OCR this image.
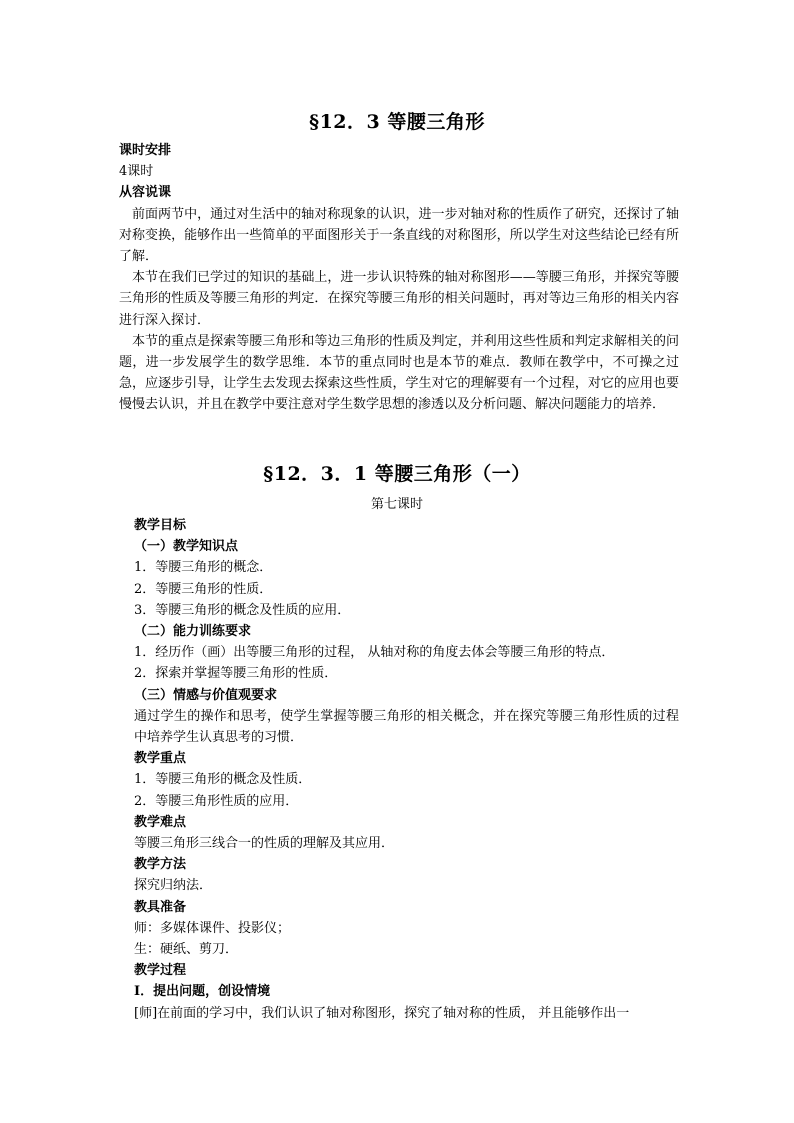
§12．3 等腰三角形
课时安排
4课时
从容说课
前面两节中，通过对生活中的轴对称现象的认识，进一步对轴对称的性质作了研究，还探讨了轴对称变换，能够作出一些简单的平面图形关于一条直线的对称图形，所以学生对这些结论已经有所了解．
本节在我们已学过的知识的基础上，进一步认识特殊的轴对称图形——等腰三角形，并探究等腰三角形的性质及等腰三角形的判定．在探究等腰三角形的相关问题时，再对等边三角形的相关内容进行深入探讨．
本节的重点是探索等腰三角形和等边三角形的性质及判定，并利用这些性质和判定求解相关的问题，进一步发展学生的数学思维．本节的重点同时也是本节的难点．教师在教学中，不可操之过急，应逐步引导，让学生去发现去探索这些性质，学生对它的理解要有一个过程，对它的应用也要慢慢去认识，并且在教学中要注意对学生数学思想的渗透以及分析问题、解决问题能力的培养．
§12．3．1 等腰三角形（一）
第七课时
教学目标
（一）教学知识点
1．等腰三角形的概念．
2．等腰三角形的性质．
3．等腰三角形的概念及性质的应用．
（二）能力训练要求
1．经历作（画）出等腰三角形的过程， 从轴对称的角度去体会等腰三角形的特点．
2．探索并掌握等腰三角形的性质．
（三）情感与价值观要求
通过学生的操作和思考，使学生掌握等腰三角形的相关概念，并在探究等腰三角形性质的过程中培养学生认真思考的习惯．
教学重点
1．等腰三角形的概念及性质．
2．等腰三角形性质的应用．
教学难点
等腰三角形三线合一的性质的理解及其应用．
教学方法
探究归纳法．
教具准备
师：多媒体课件、投影仪；
生：硬纸、剪刀．
教学过程
Ⅰ．提出问题，创设情境
[师]在前面的学习中，我们认识了轴对称图形，探究了轴对称的性质， 并且能够作出一
